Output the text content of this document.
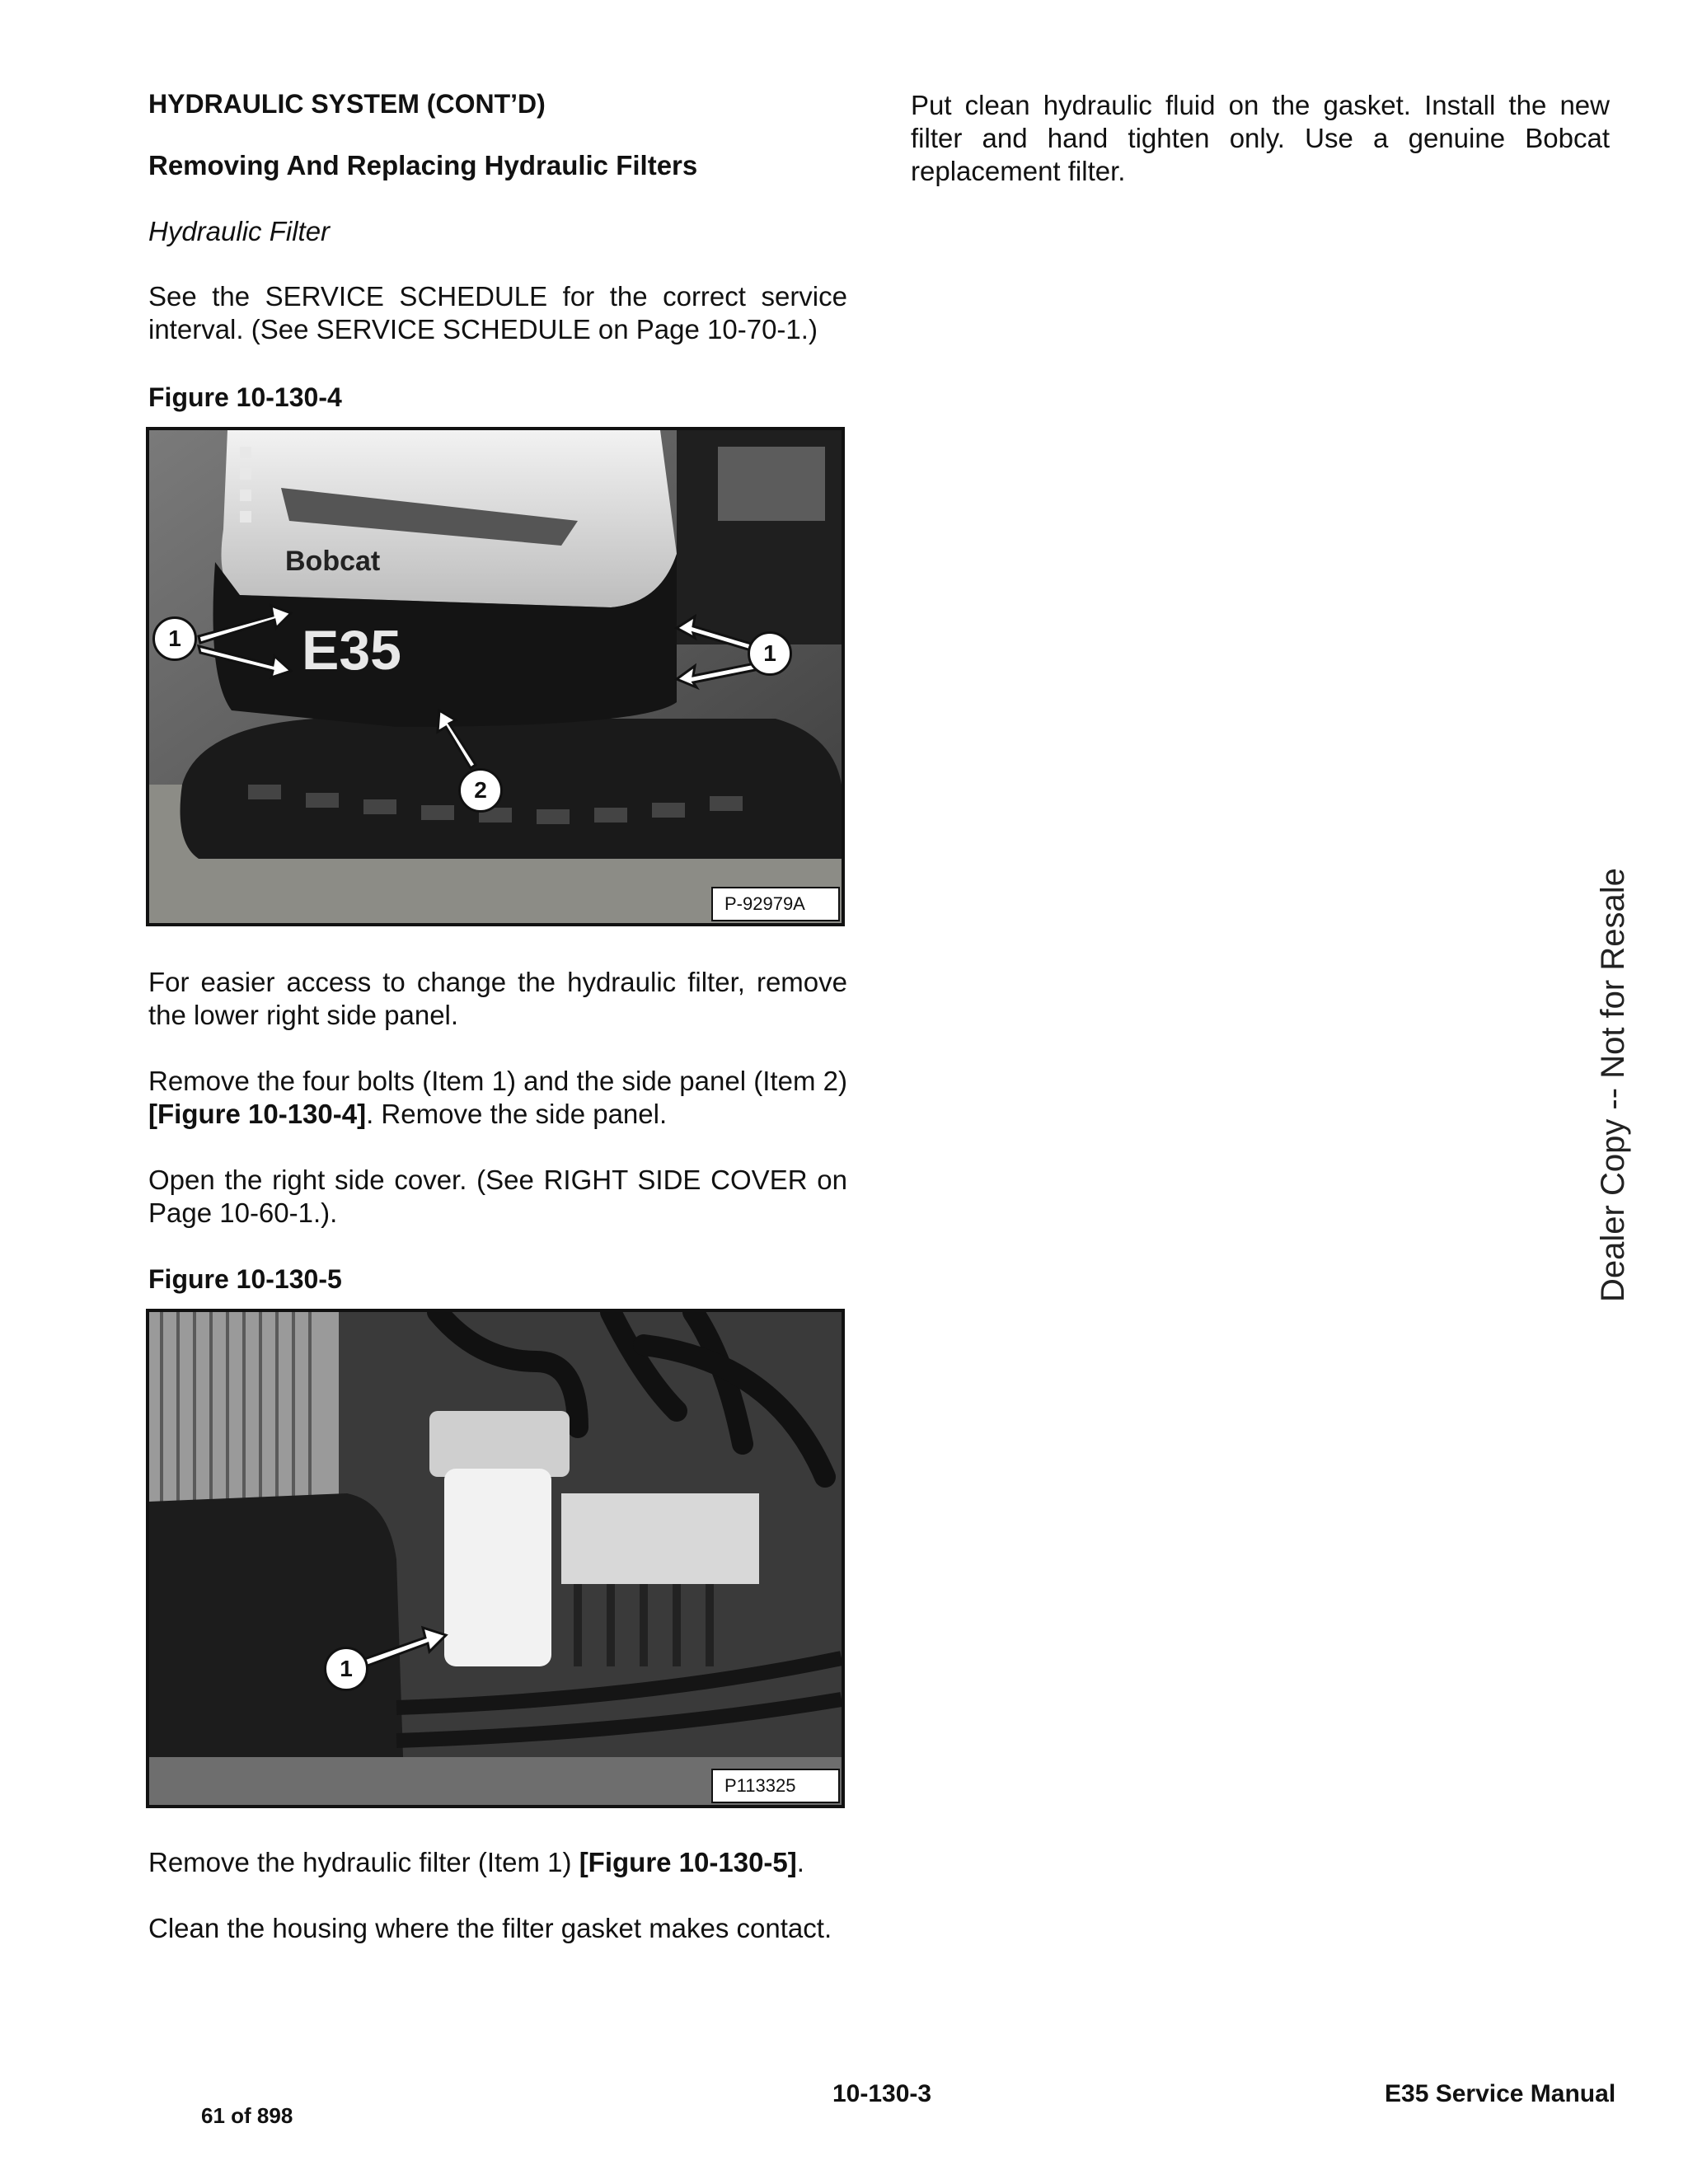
HYDRAULIC SYSTEM (CONT’D)
Removing And Replacing Hydraulic Filters

Hydraulic Filter

See the SERVICE SCHEDULE for the correct service interval. (See SERVICE SCHEDULE on Page 10-70-1.)

Figure 10-130-4

Bobcat
E35
1
1
2
P-92979A

For easier access to change the hydraulic filter, remove the lower right side panel.

Remove the four bolts (Item 1) and the side panel (Item 2) [Figure 10-130-4]. Remove the side panel.

Open the right side cover. (See RIGHT SIDE COVER on Page 10-60-1.).

Figure 10-130-5

1
P113325

Remove the hydraulic filter (Item 1) [Figure 10-130-5].

Clean the housing where the filter gasket makes contact.

Put clean hydraulic fluid on the gasket. Install the new filter and hand tighten only. Use a genuine Bobcat replacement filter.

Dealer Copy -- Not for Resale
10-130-3	E35 Service Manual
61 of 898
